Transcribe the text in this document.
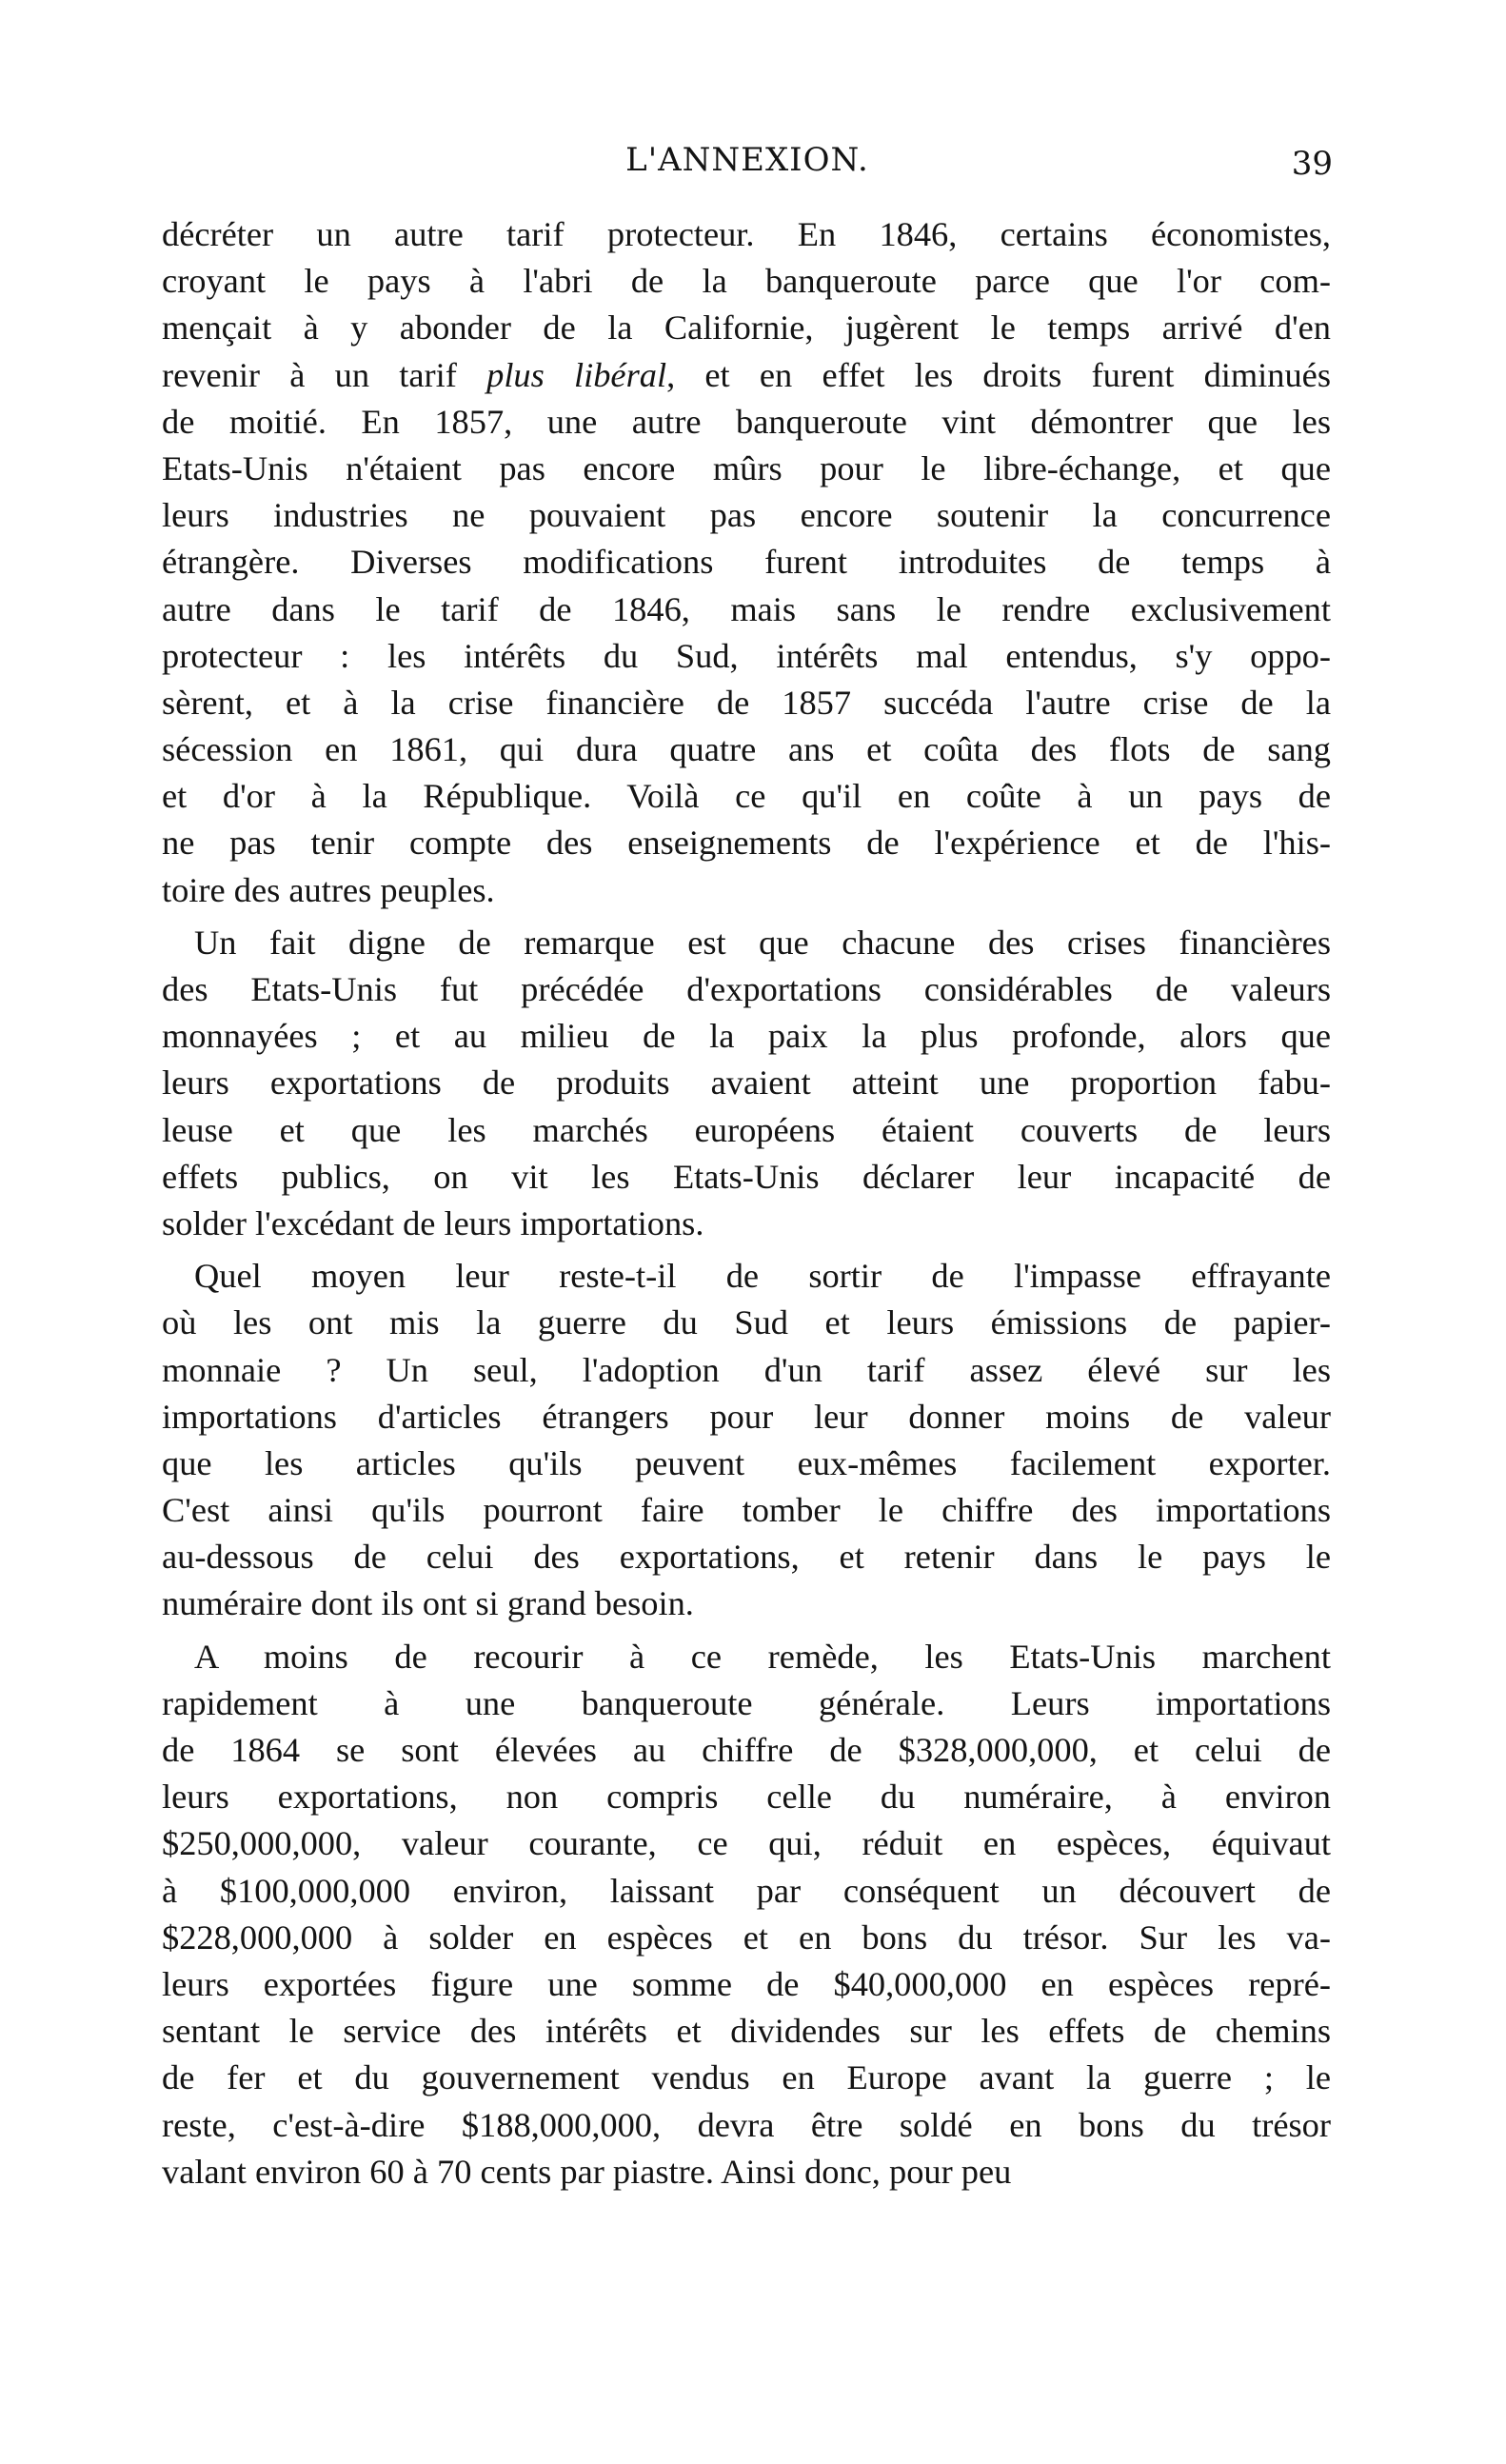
L'ANNEXION.	39
décréter un autre tarif protecteur. En 1846, certains économistes,
croyant le pays à l'abri de la banqueroute parce que l'or com-
mençait à y abonder de la Californie, jugèrent le temps arrivé d'en
revenir à un tarif plus libéral, et en effet les droits furent diminués
de moitié. En 1857, une autre banqueroute vint démontrer que les
Etats-Unis n'étaient pas encore mûrs pour le libre-échange, et que
leurs industries ne pouvaient pas encore soutenir la concurrence
étrangère. Diverses modifications furent introduites de temps à
autre dans le tarif de 1846, mais sans le rendre exclusivement
protecteur : les intérêts du Sud, intérêts mal entendus, s'y oppo-
sèrent, et à la crise financière de 1857 succéda l'autre crise de la
sécession en 1861, qui dura quatre ans et coûta des flots de sang
et d'or à la République. Voilà ce qu'il en coûte à un pays de
ne pas tenir compte des enseignements de l'expérience et de l'his-
toire des autres peuples.
Un fait digne de remarque est que chacune des crises financières
des Etats-Unis fut précédée d'exportations considérables de valeurs
monnayées ; et au milieu de la paix la plus profonde, alors que
leurs exportations de produits avaient atteint une proportion fabu-
leuse et que les marchés européens étaient couverts de leurs
effets publics, on vit les Etats-Unis déclarer leur incapacité de
solder l'excédant de leurs importations.
Quel moyen leur reste-t-il de sortir de l'impasse effrayante
où les ont mis la guerre du Sud et leurs émissions de papier-
monnaie ? Un seul, l'adoption d'un tarif assez élevé sur les
importations d'articles étrangers pour leur donner moins de valeur
que les articles qu'ils peuvent eux-mêmes facilement exporter.
C'est ainsi qu'ils pourront faire tomber le chiffre des importations
au-dessous de celui des exportations, et retenir dans le pays le
numéraire dont ils ont si grand besoin.
A moins de recourir à ce remède, les Etats-Unis marchent
rapidement à une banqueroute générale. Leurs importations
de 1864 se sont élevées au chiffre de $328,000,000, et celui de
leurs exportations, non compris celle du numéraire, à environ
$250,000,000, valeur courante, ce qui, réduit en espèces, équivaut
à $100,000,000 environ, laissant par conséquent un découvert de
$228,000,000 à solder en espèces et en bons du trésor. Sur les va-
leurs exportées figure une somme de $40,000,000 en espèces repré-
sentant le service des intérêts et dividendes sur les effets de chemins
de fer et du gouvernement vendus en Europe avant la guerre ; le
reste, c'est-à-dire $188,000,000, devra être soldé en bons du trésor
valant environ 60 à 70 cents par piastre. Ainsi donc, pour peu
